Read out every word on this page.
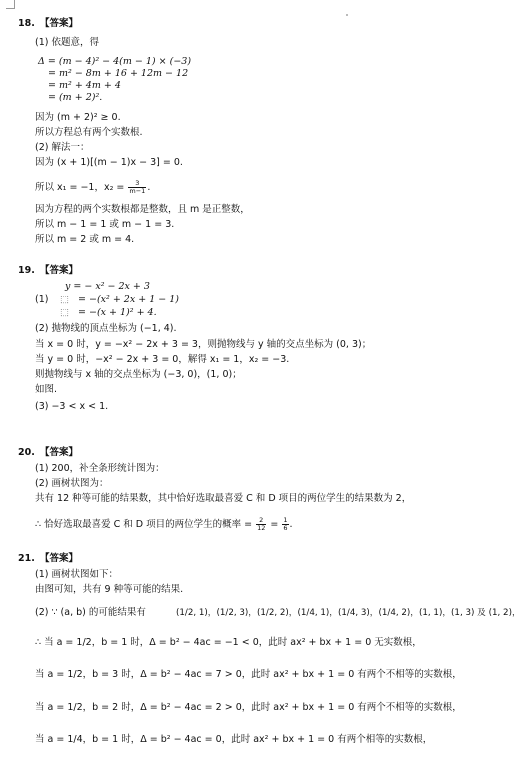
18. 【答案】
(1) 依题意，得
Δ = (m − 4)² − 4(m − 1) × (−3)
= m² − 8m + 16 + 12m − 12
= m² + 4m + 4
= (m + 2)².
因为 (m + 2)² ≥ 0.
所以方程总有两个实数根.
(2) 解法一：
因为 (x + 1)[(m − 1)x − 3] = 0.
所以 x₁ = −1，$x_2 = \frac{3}{m-1}$ .
因为方程的两个实数根都是整数，且 m 是正整数，
所以 m − 1 = 1 或 m − 1 = 3.
所以 m = 2 或 m = 4.
19. 【答案】
y = − x² − 2x + 3
(1) ⬚ = −(x² + 2x + 1 − 1)
⬚ = −(x + 1)² + 4.
(2) 抛物线的顶点坐标为 (−1, 4).
当 x = 0 时，y = −x² − 2x + 3 = 3，则抛物线与 y 轴的交点坐标为 (0, 3)；
当 y = 0 时，−x² − 2x + 3 = 0，解得 x₁ = 1，x₂ = −3.
则抛物线与 x 轴的交点坐标为 (−3, 0)，(1, 0)；
如图.
(3) −3 < x < 1.
20. 【答案】
(1) 200，补全条形统计图为：
(2) 画树状图为：
共有 12 种等可能的结果数，其中恰好选取最喜爱 C 和 D 项目的两位学生的结果数为 2，
∴ 恰好选取最喜爱 C 和 D 项目的两位学生的概率 = $\frac{2}{12} = \frac{1}{6}$ .
21. 【答案】
(1) 画树状图如下：
由图可知，共有 9 种等可能的结果.
(2) ∵ (a, b) 的可能结果有	(1/2, 1)，(1/2, 3)，(1/2, 2)，(1/4, 1)，(1/4, 3)，(1/4, 2)，(1, 1)，(1, 3) 及 (1, 2)，
∴ 当 a = 1/2，b = 1 时，Δ = b² − 4ac = −1 < 0，此时 ax² + bx + 1 = 0 无实数根，
当 a = 1/2，b = 3 时，Δ = b² − 4ac = 7 > 0，此时 ax² + bx + 1 = 0 有两个不相等的实数根，
当 a = 1/2，b = 2 时，Δ = b² − 4ac = 2 > 0，此时 ax² + bx + 1 = 0 有两个不相等的实数根，
当 a = 1/4，b = 1 时，Δ = b² − 4ac = 0，此时 ax² + bx + 1 = 0 有两个相等的实数根，
